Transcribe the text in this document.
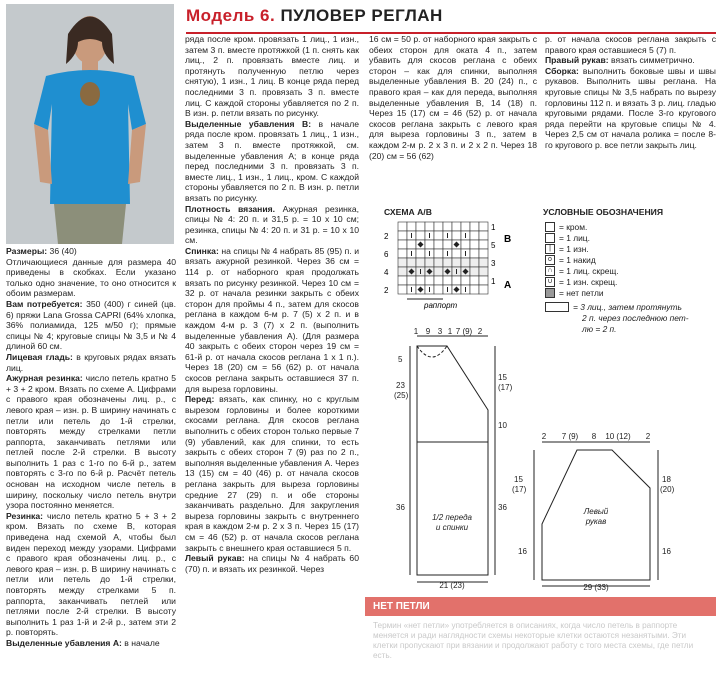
Модель 6. ПУЛОВЕР РЕГЛАН

Размеры: 36 (40)

Отличающиеся данные для размера 40 приведены в скобках. Если указано только одно значение, то оно относится к обоим размерам.

Вам потребуется: 350 (400) г синей (цв. 6) пряжи Lana Grossa CAPRI (64% хлопка, 36% полиамида, 125 м/50 г); прямые спицы № 4; круговые спицы № 3,5 и № 4 длиной 60 см.

Лицевая гладь: в круговых рядах вязать лиц.

Ажурная резинка: число петель кратно 5 + 3 + 2 кром. Вязать по схеме А. Цифрами с правого края обозначены лиц. р., с левого края – изн. р. В ширину начинать с петли или петель до 1-й стрелки, повторять между стрелками петли раппорта, заканчивать петлями или петлей после 2-й стрелки. В высоту выполнить 1 раз с 1-го по 6-й р., затем повторять с 3-го по 6-й р. Расчёт петель основан на исходном числе петель в ширину, поскольку число петель внутри узора постоянно меняется.

Резинка: число петель кратно 5 + 3 + 2 кром. Вязать по схеме В, которая приведена над схемой А, чтобы был виден переход между узорами. Цифрами с правого края обозначены лиц. р., с левого края – изн. р. В ширину начинать с петли или петель до 1-й стрелки, повторять между стрелками 5 п. раппорта, заканчивать петлей или петлями после 2-й стрелки. В высоту выполнить 1 раз 1-й и 2-й р., затем эти 2 р. повторять.

Выделенные убавления А: в начале

ряда после кром. провязать 1 лиц., 1 изн., затем 3 п. вместе протяжкой (1 п. снять как лиц., 2 п. провязать вместе лиц. и протянуть полученную петлю через снятую), 1 изн., 1 лиц. В конце ряда перед последними 3 п. провязать 3 п. вместе лиц. С каждой стороны убавляется по 2 п. В изн. р. петли вязать по рисунку.

Выделенные убавления В: в начале ряда после кром. провязать 1 лиц., 1 изн., затем 3 п. вместе протяжкой, см. выделенные убавления А; в конце ряда перед последними 3 п. провязать 3 п. вместе лиц., 1 изн., 1 лиц., кром. С каждой стороны убавляется по 2 п. В изн. р. петли вязать по рисунку.

Плотность вязания. Ажурная резинка, спицы № 4: 20 п. и 31,5 р. = 10 х 10 см; резинка, спицы № 4: 20 п. и 31 р. = 10 х 10 см.

Спинка: на спицы № 4 набрать 85 (95) п. и вязать ажурной резинкой. Через 36 см = 114 р. от наборного края продолжать вязать по рисунку резинкой. Через 10 см = 32 р. от начала резинки закрыть с обеих сторон для проймы 4 п., затем для скосов реглана в каждом 6-м р. 7 (5) х 2 п. и в каждом 4-м р. 3 (7) х 2 п. (выполнить выделенные убавления А). (Для размера 40 закрыть с обеих сторон через 19 см = 61-й р. от начала скосов реглана 1 х 1 п.). Через 18 (20) см = 56 (62) р. от начала скосов реглана закрыть оставшиеся 37 п. для выреза горловины.

Перед: вязать, как спинку, но с круглым вырезом горловины и более короткими скосами реглана. Для скосов реглана выполнить с обеих сторон только первые 7 (9) убавлений, как для спинки, то есть закрыть с обеих сторон 7 (9) раз по 2 п., выполняя выделенные убавления А. Через 13 (15) см = 40 (46) р. от начала скосов реглана закрыть для выреза горловины средние 27 (29) п. и обе стороны заканчивать раздельно. Для закругления выреза горловины закрыть с внутреннего края в каждом 2-м р. 2 х 3 п. Через 15 (17) см = 46 (52) р. от начала скосов реглана закрыть с внешнего края оставшиеся 5 п.

Левый рукав: на спицы № 4 набрать 60 (70) п. и вязать их резинкой. Через

16 см = 50 р. от наборного края закрыть с обеих сторон для оката 4 п., затем убавить для скосов реглана с обеих сторон – как для спинки, выполняя выделенные убавления В. 20 (24) п., с правого края – как для переда, выполняя выделенные убавления В, 14 (18) п. Через 15 (17) см = 46 (52) р. от начала скосов реглана закрыть с левого края для выреза горловины 3 п., затем в каждом 2-м р. 2 х 3 п. и 2 х 2 п. Через 18 (20) см = 56 (62)

р. от начала скосов реглана закрыть с правого края оставшиеся 5 (7) п.

Правый рукав: вязать симметрично.

Сборка: выполнить боковые швы и швы рукавов. Выполнить швы реглана. На круговые спицы № 3,5 набрать по вырезу горловины 112 п. и вязать 3 р. лиц. гладью круговыми рядами. После 3-го кругового ряда перейти на круговые спицы № 4. Через 2,5 см от начала ролика = после 8-го кругового р. все петли закрыть лиц.

СХЕМА А/В
1
5
3
1
2
6
4
2
В
А
раппорт
УСЛОВНЫЕ ОБОЗНАЧЕНИЯ
= кром.
= 1 лиц.
| = 1 изн.
o = 1 накид
∩ = 1 лиц. скрещ.
∪ = 1 изн. скрещ.
= нет петли
= 3 лиц., затем протянуть
2 п. через последнюю пет-
лю = 2 п.
1 9 3 1 7 (9) 2
5
23
(25)
36
15
(17)
10
36
1/2 переда
и спинки
21 (23)
2 7 (9) 8 10 (12) 2
15
(17)
16
18
(20)
16
Левый
рукав
29 (33)
НЕТ ПЕТЛИ
Термин «нет петли» употребляется в описаниях, когда число петель в раппорте меняется и ради наглядности схемы некоторые клетки остаются незанятыми. Эти клетки пропускают при вязании и продолжают работу с того места схемы, где петли есть.
